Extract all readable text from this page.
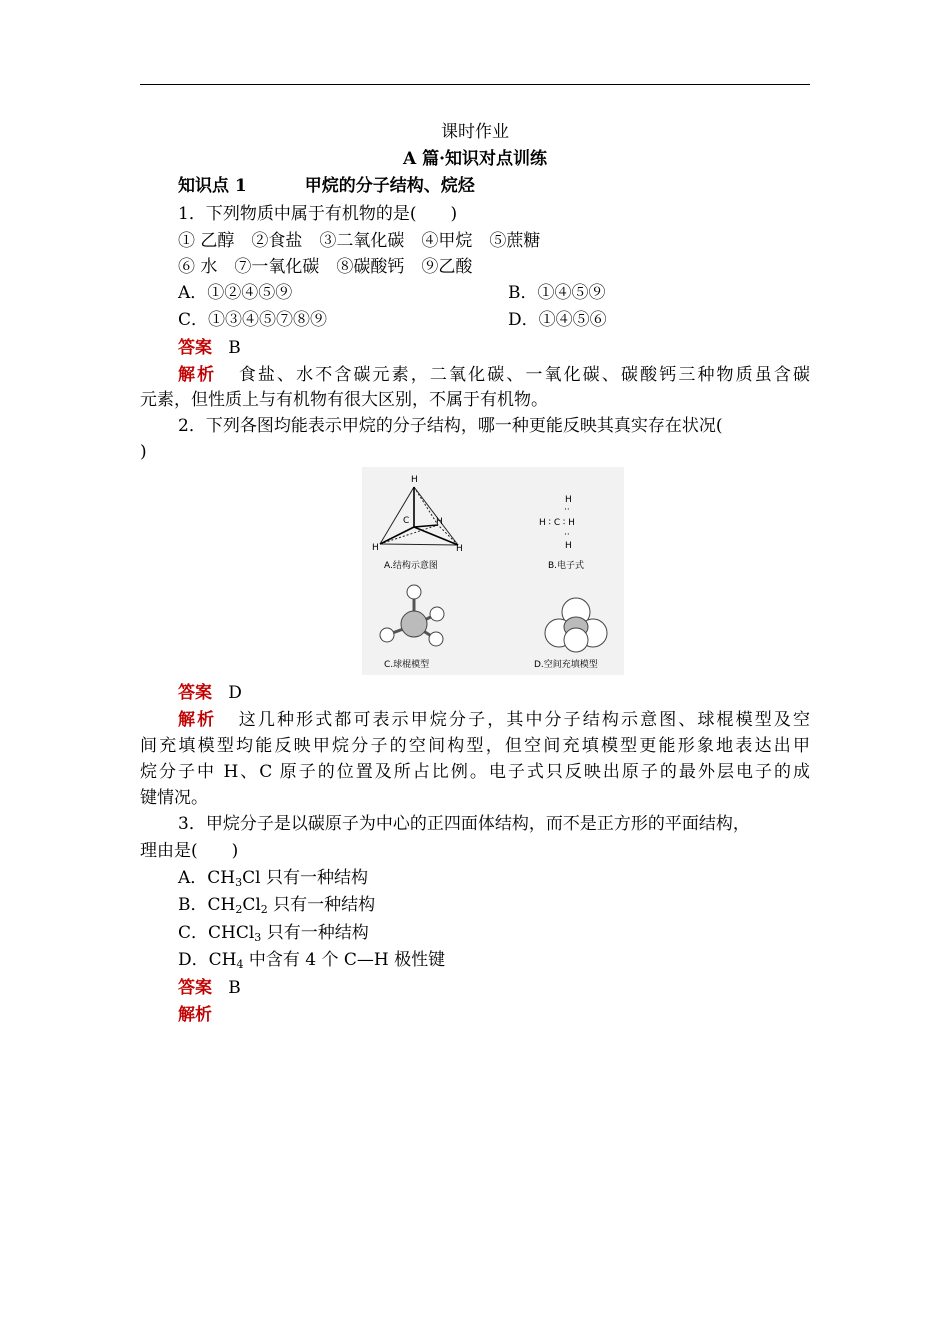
课时作业
A 篇·知识对点训练
知识点 1	甲烷的分子结构、烷烃
1．下列物质中属于有机物的是(　　)
① 乙醇　②食盐　③二氧化碳　④甲烷　⑤蔗糖
⑥ 水　⑦一氧化碳　⑧碳酸钙　⑨乙酸
A．①②④⑤⑨	B．①④⑤⑨
C．①③④⑤⑦⑧⑨	D．①④⑤⑥
答案 B
解析 食盐、水不含碳元素，二氧化碳、一氧化碳、碳酸钙三种物质虽含碳
元素，但性质上与有机物有很大区别，不属于有机物。
2．下列各图均能表示甲烷的分子结构，哪一种更能反映其真实存在状况(
)
H
C	H
H	H
A.结构示意图
H
··
H ∶ C ∶ H
··
H
B.电子式
C.球棍模型	D.空间充填模型
答案 D
解析 这几种形式都可表示甲烷分子，其中分子结构示意图、球棍模型及空
间充填模型均能反映甲烷分子的空间构型，但空间充填模型更能形象地表达出甲
烷分子中 H、C 原子的位置及所占比例。电子式只反映出原子的最外层电子的成
键情况。
3．甲烷分子是以碳原子为中心的正四面体结构，而不是正方形的平面结构，
理由是(　　)
A．$CH_3Cl$ 只有一种结构
B．$CH_2Cl_2$ 只有一种结构
C．CHCl$_3$ 只有一种结构
D．$CH_4$ 中含有 4 个 C—H 极性键
答案 B
解析
